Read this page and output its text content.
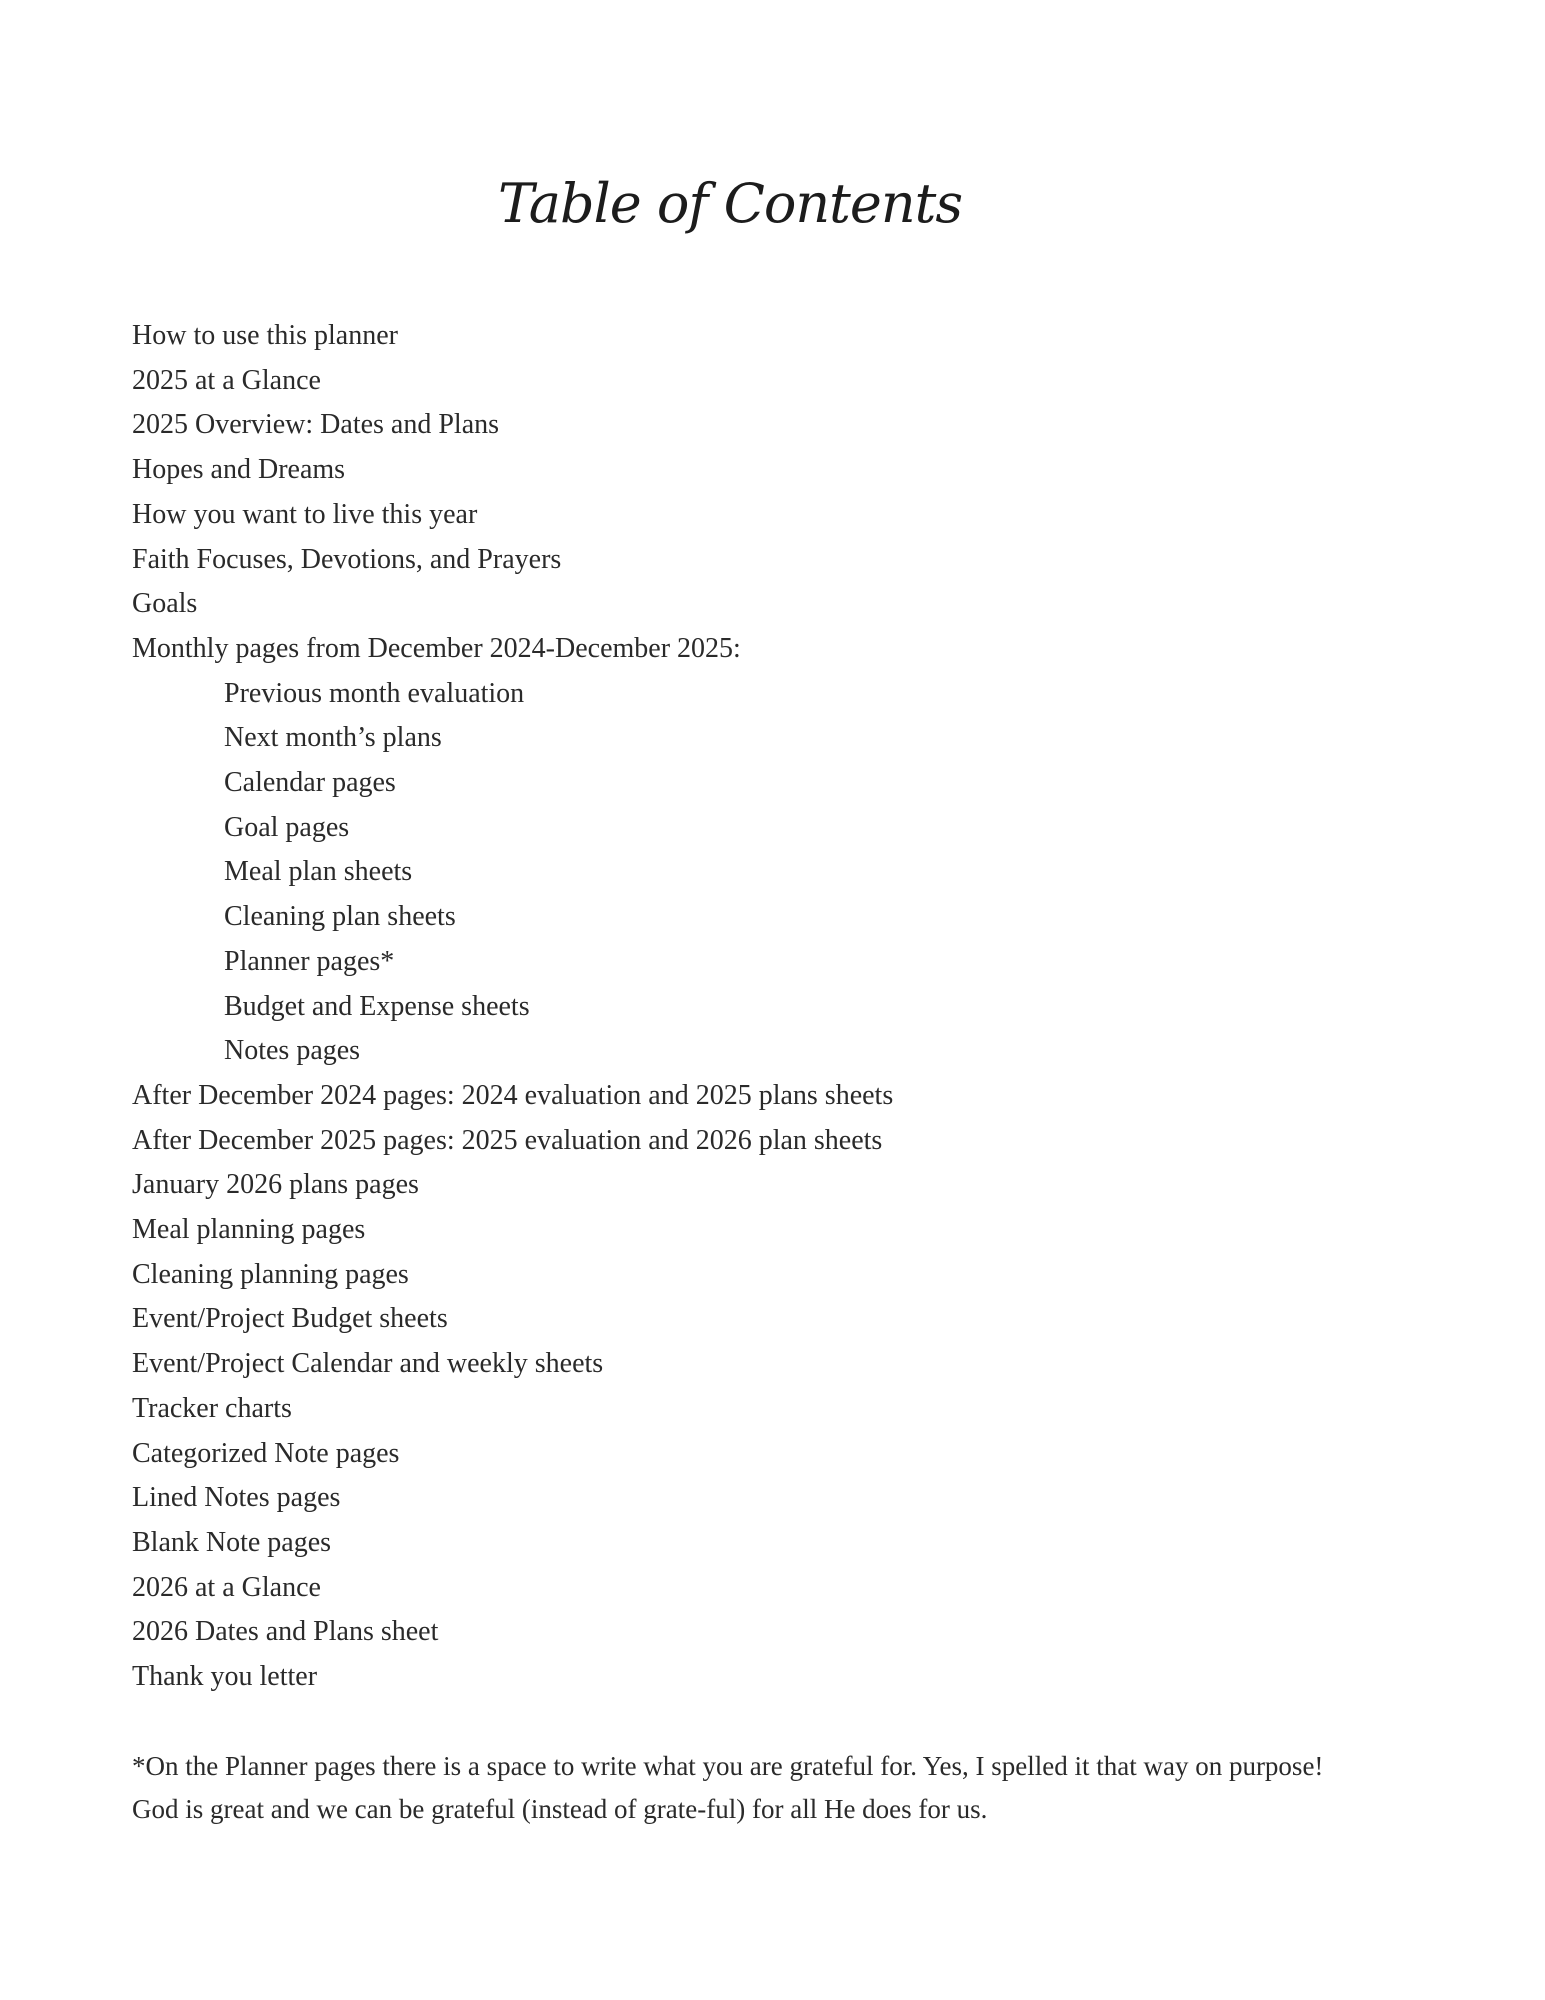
Table of Contents
How to use this planner
2025 at a Glance
2025 Overview: Dates and Plans
Hopes and Dreams
How you want to live this year
Faith Focuses, Devotions, and Prayers
Goals
Monthly pages from December 2024-December 2025:
Previous month evaluation
Next month’s plans
Calendar pages
Goal pages
Meal plan sheets
Cleaning plan sheets
Planner pages*
Budget and Expense sheets
Notes pages
After December 2024 pages: 2024 evaluation and 2025 plans sheets
After December 2025 pages: 2025 evaluation and 2026 plan sheets
January 2026 plans pages
Meal planning pages
Cleaning planning pages
Event/Project Budget sheets
Event/Project Calendar and weekly sheets
Tracker charts
Categorized Note pages
Lined Notes pages
Blank Note pages
2026 at a Glance
2026 Dates and Plans sheet
Thank you letter

*On the Planner pages there is a space to write what you are grateful for. Yes, I spelled it that way on purpose!
God is great and we can be grateful (instead of grate-ful) for all He does for us.
